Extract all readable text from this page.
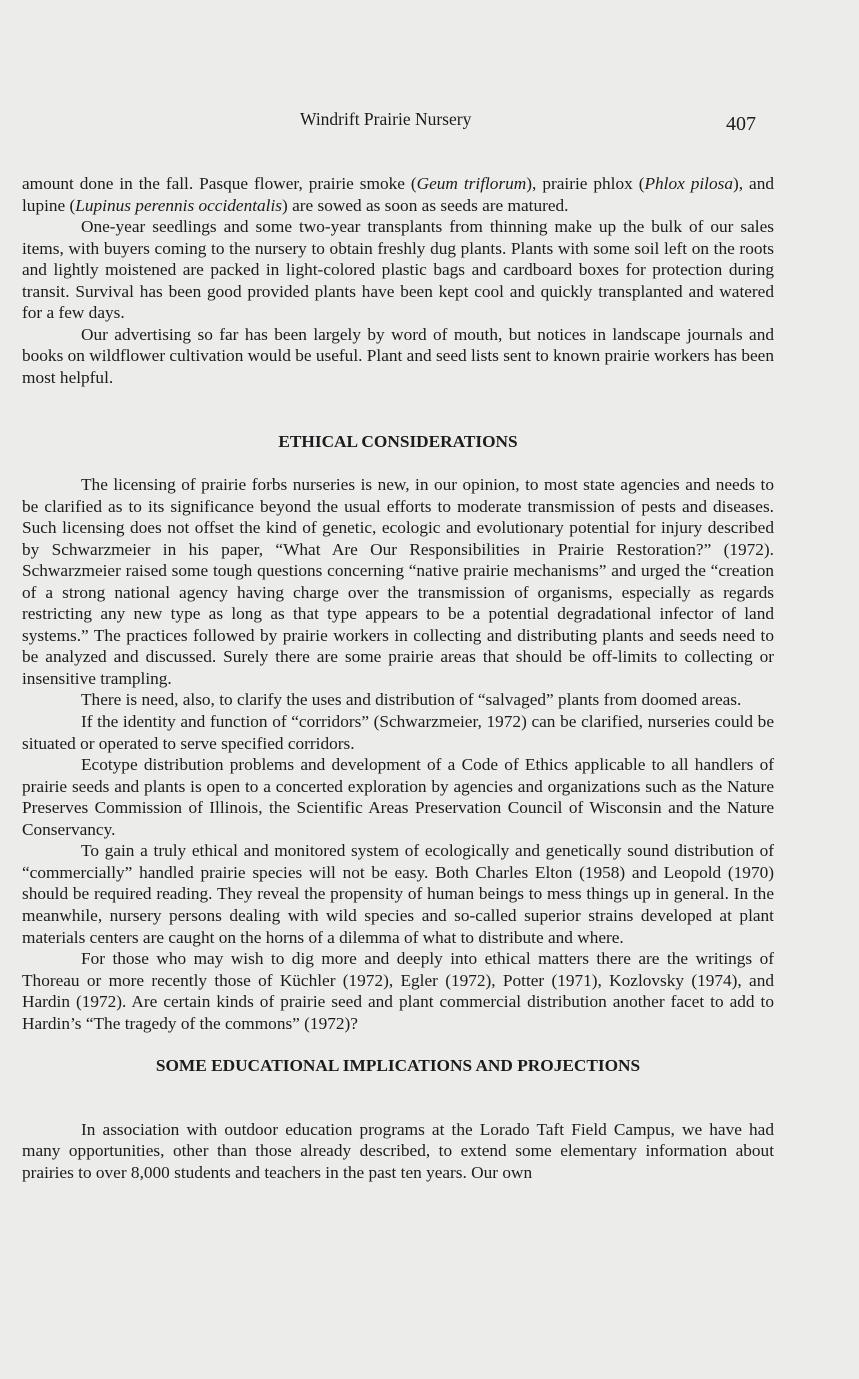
Windrift Prairie Nursery	407

amount done in the fall. Pasque flower, prairie smoke (Geum triflorum), prairie phlox (Phlox pilosa), and lupine (Lupinus perennis occidentalis) are sowed as soon as seeds are matured.

One-year seedlings and some two-year transplants from thinning make up the bulk of our sales items, with buyers coming to the nursery to obtain freshly dug plants. Plants with some soil left on the roots and lightly moistened are packed in light-colored plastic bags and cardboard boxes for protection during transit. Survival has been good provided plants have been kept cool and quickly transplanted and watered for a few days.

Our advertising so far has been largely by word of mouth, but notices in landscape journals and books on wildflower cultivation would be useful. Plant and seed lists sent to known prairie workers has been most helpful.

ETHICAL CONSIDERATIONS

The licensing of prairie forbs nurseries is new, in our opinion, to most state agencies and needs to be clarified as to its significance beyond the usual efforts to moderate transmission of pests and diseases. Such licensing does not offset the kind of genetic, ecologic and evolutionary potential for injury described by Schwarzmeier in his paper, “What Are Our Responsibilities in Prairie Restoration?” (1972). Schwarzmeier raised some tough questions concerning “native prairie mechanisms” and urged the “creation of a strong national agency having charge over the transmission of organisms, especially as regards restricting any new type as long as that type appears to be a potential degradational infector of land systems.” The practices followed by prairie workers in collecting and distributing plants and seeds need to be analyzed and discussed. Surely there are some prairie areas that should be off-limits to collecting or insensitive trampling.

There is need, also, to clarify the uses and distribution of “salvaged” plants from doomed areas.

If the identity and function of “corridors” (Schwarzmeier, 1972) can be clarified, nurseries could be situated or operated to serve specified corridors.

Ecotype distribution problems and development of a Code of Ethics applicable to all handlers of prairie seeds and plants is open to a concerted exploration by agencies and organizations such as the Nature Preserves Commission of Illinois, the Scientific Areas Preservation Council of Wisconsin and the Nature Conservancy.

To gain a truly ethical and monitored system of ecologically and genetically sound distribution of “commercially” handled prairie species will not be easy. Both Charles Elton (1958) and Leopold (1970) should be required reading. They reveal the propensity of human beings to mess things up in general. In the meanwhile, nursery persons dealing with wild species and so-called superior strains developed at plant materials centers are caught on the horns of a dilemma of what to distribute and where.

For those who may wish to dig more and deeply into ethical matters there are the writings of Thoreau or more recently those of Küchler (1972), Egler (1972), Potter (1971), Kozlovsky (1974), and Hardin (1972). Are certain kinds of prairie seed and plant commercial distribution another facet to add to Hardin’s “The tragedy of the commons” (1972)?

SOME EDUCATIONAL IMPLICATIONS AND PROJECTIONS

In association with outdoor education programs at the Lorado Taft Field Campus, we have had many opportunities, other than those already described, to extend some elementary information about prairies to over 8,000 students and teachers in the past ten years. Our own
